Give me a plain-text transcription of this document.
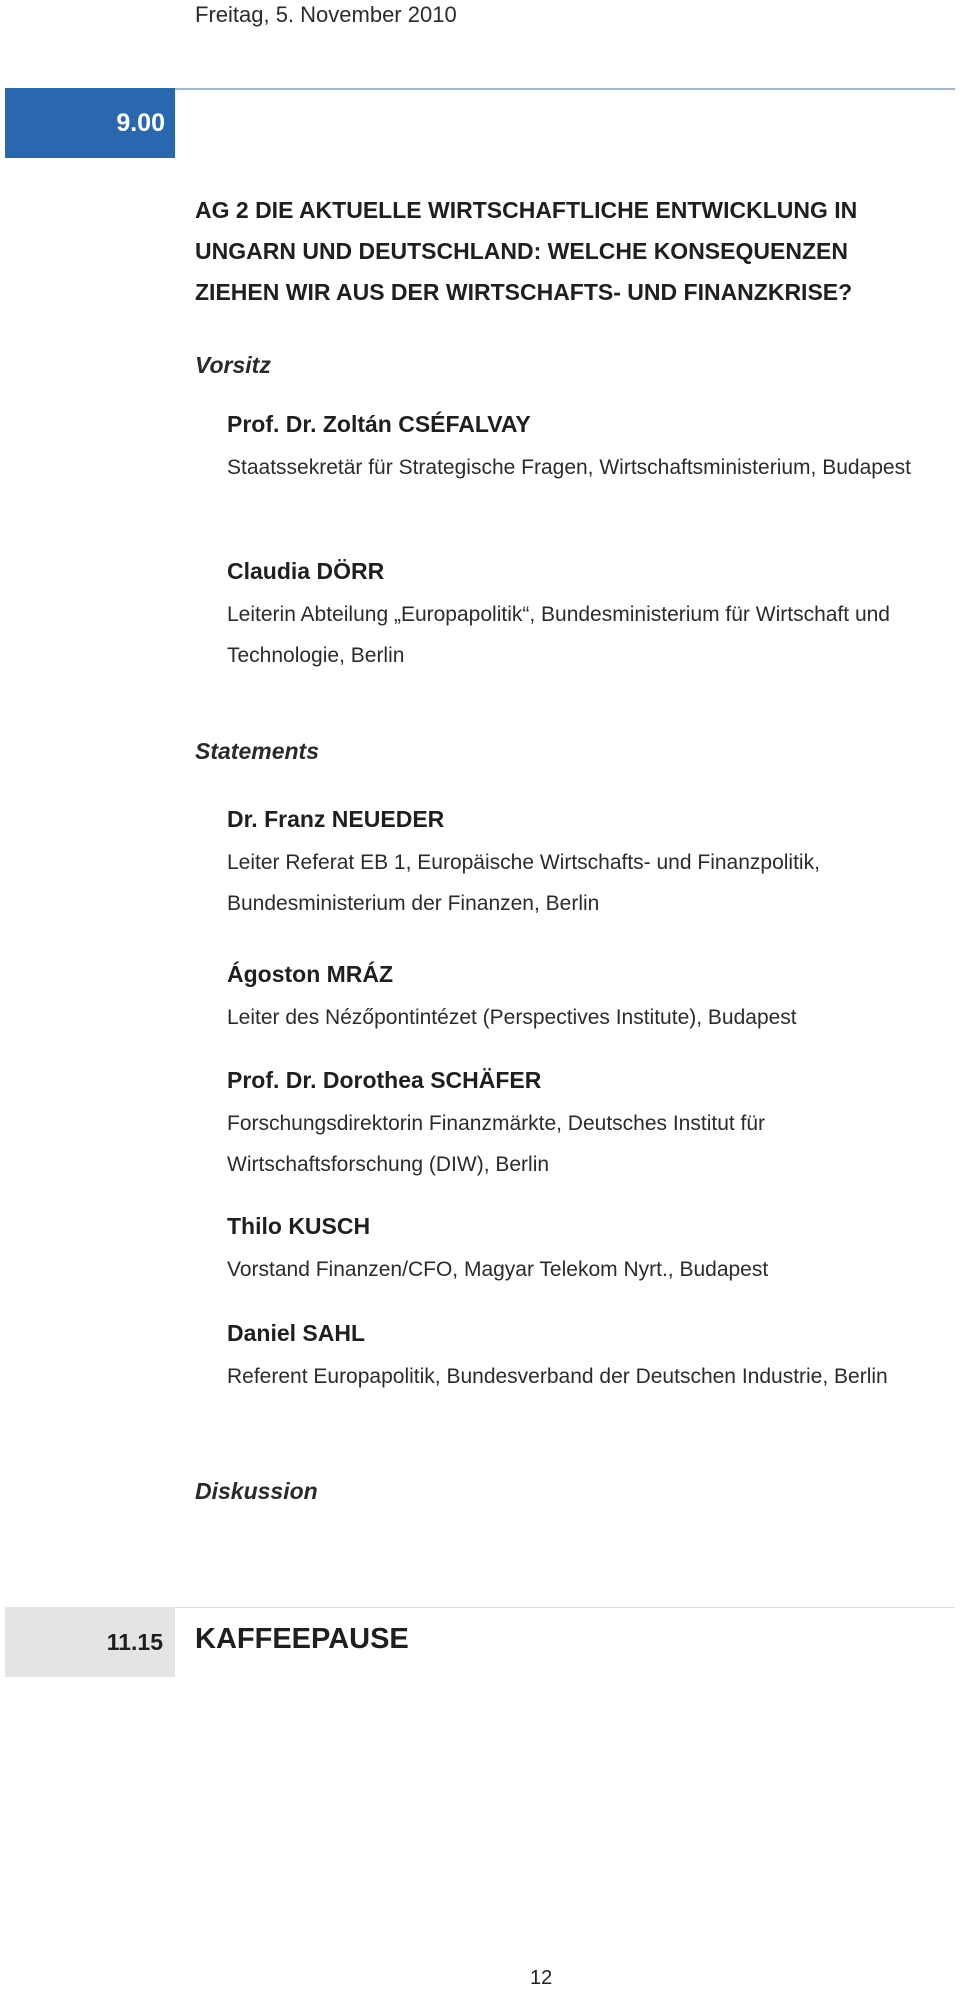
Freitag, 5. November 2010
9.00
AG 2 DIE AKTUELLE WIRTSCHAFTLICHE ENTWICKLUNG IN UNGARN UND DEUTSCHLAND: WELCHE KONSEQUENZEN ZIEHEN WIR AUS DER WIRTSCHAFTS- UND FINANZKRISE?
Vorsitz
Prof. Dr. Zoltán CSÉFALVAY
Staatssekretär für Strategische Fragen, Wirtschaftsministerium, Budapest
Claudia DÖRR
Leiterin Abteilung „Europapolitik“, Bundesministerium für Wirtschaft und Technologie, Berlin
Statements
Dr. Franz NEUEDER
Leiter Referat EB 1, Europäische Wirtschafts- und Finanzpolitik, Bundesministerium der Finanzen, Berlin
Ágoston MRÁZ
Leiter des Nézőpontintézet (Perspectives Institute), Budapest
Prof. Dr. Dorothea SCHÄFER
Forschungsdirektorin Finanzmärkte, Deutsches Institut für Wirtschaftsforschung (DIW), Berlin
Thilo KUSCH
Vorstand Finanzen/CFO, Magyar Telekom Nyrt., Budapest
Daniel SAHL
Referent Europapolitik, Bundesverband der Deutschen Industrie, Berlin
Diskussion
11.15 KAFFEEPAUSE
12
